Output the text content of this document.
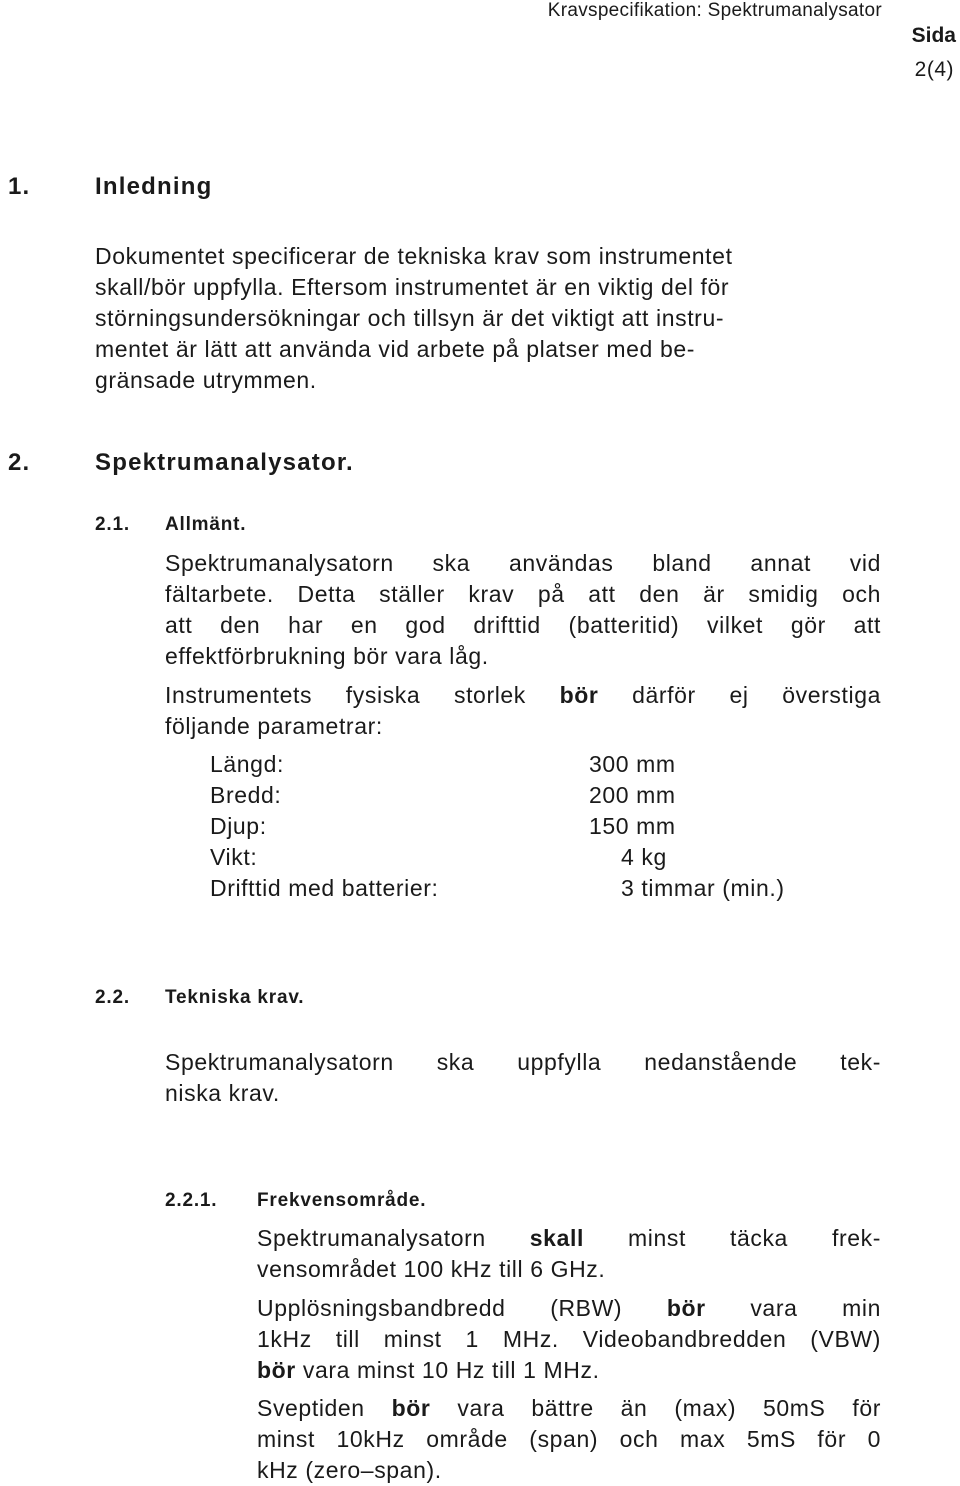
Kravspecifikation: Spektrumanalysator
Sida
2(4)
1.	Inledning
Dokumentet specificerar de tekniska krav som instrumentet
skall/bör uppfylla. Eftersom instrumentet är en viktig del för
störningsundersökningar och tillsyn är det viktigt att instru-
mentet är lätt att använda vid arbete på platser med be-
gränsade utrymmen.
2.	Spektrumanalysator.
2.1. Allmänt.
Spektrumanalysatorn ska användas bland annat vid
fältarbete. Detta ställer krav på att den är smidig och
att den har en god drifttid (batteritid) vilket gör att
effektförbrukning bör vara låg.
Instrumentets fysiska storlek bör därför ej överstiga
följande parametrar:
Längd:	300 mm
Bredd:	200 mm
Djup:	150 mm
Vikt:	4 kg
Drifttid med batterier:	3 timmar (min.)
2.2. Tekniska krav.
Spektrumanalysatorn ska uppfylla nedanstående tek-
niska krav.
2.2.1. Frekvensområde.
Spektrumanalysatorn skall minst täcka frek-
vensområdet 100 kHz till 6 GHz.
Upplösningsbandbredd (RBW) bör vara min
1kHz till minst 1 MHz. Videobandbredden (VBW)
bör vara minst 10 Hz till 1 MHz.
Sveptiden bör vara bättre än (max) 50mS för
minst 10kHz område (span) och max 5mS för 0
kHz (zero–span).
